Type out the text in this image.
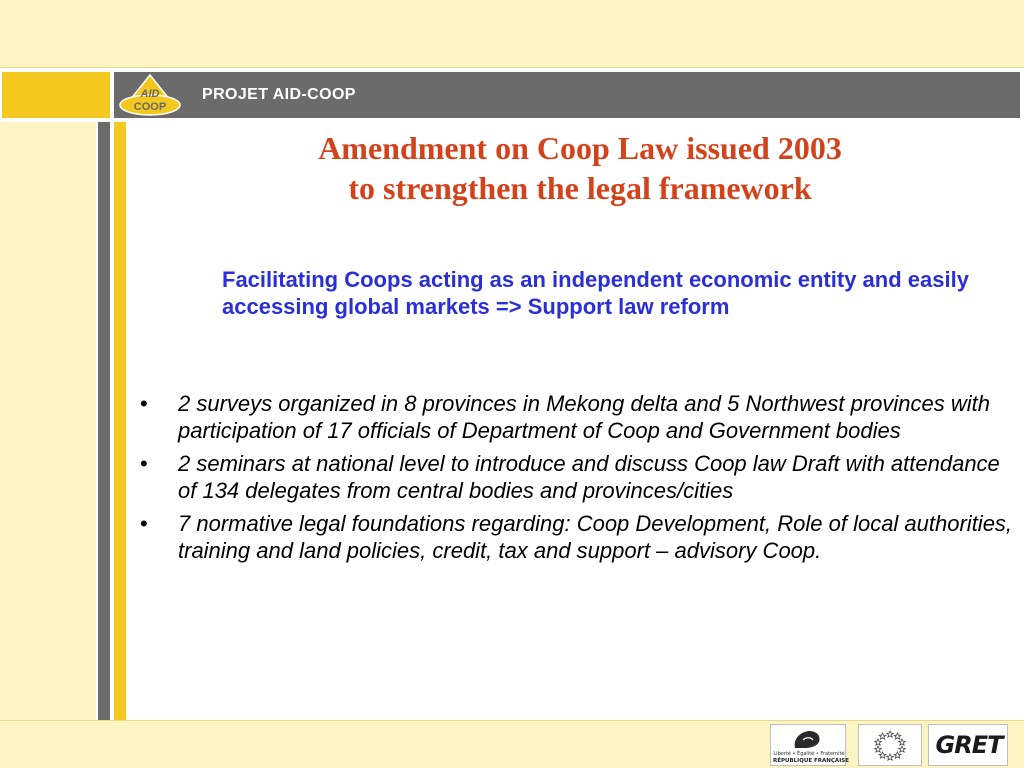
AID
COOP
PROJET AID-COOP
Amendment on Coop Law issued 2003
to strengthen the legal framework
Facilitating Coops acting as an independent economic entity and easily accessing global markets => Support law reform
• 2 surveys organized in 8 provinces in Mekong delta and 5 Northwest provinces with participation of 17 officials of Department of Coop and Government bodies
• 2 seminars at national level to introduce and discuss Coop law Draft with attendance of 134 delegates from central bodies and provinces/cities
• 7 normative legal foundations regarding: Coop Development, Role of local authorities, training and land policies, credit, tax and support – advisory Coop.
Liberté • Égalité • Fraternité
RÉPUBLIQUE FRANÇAISE
GRET
